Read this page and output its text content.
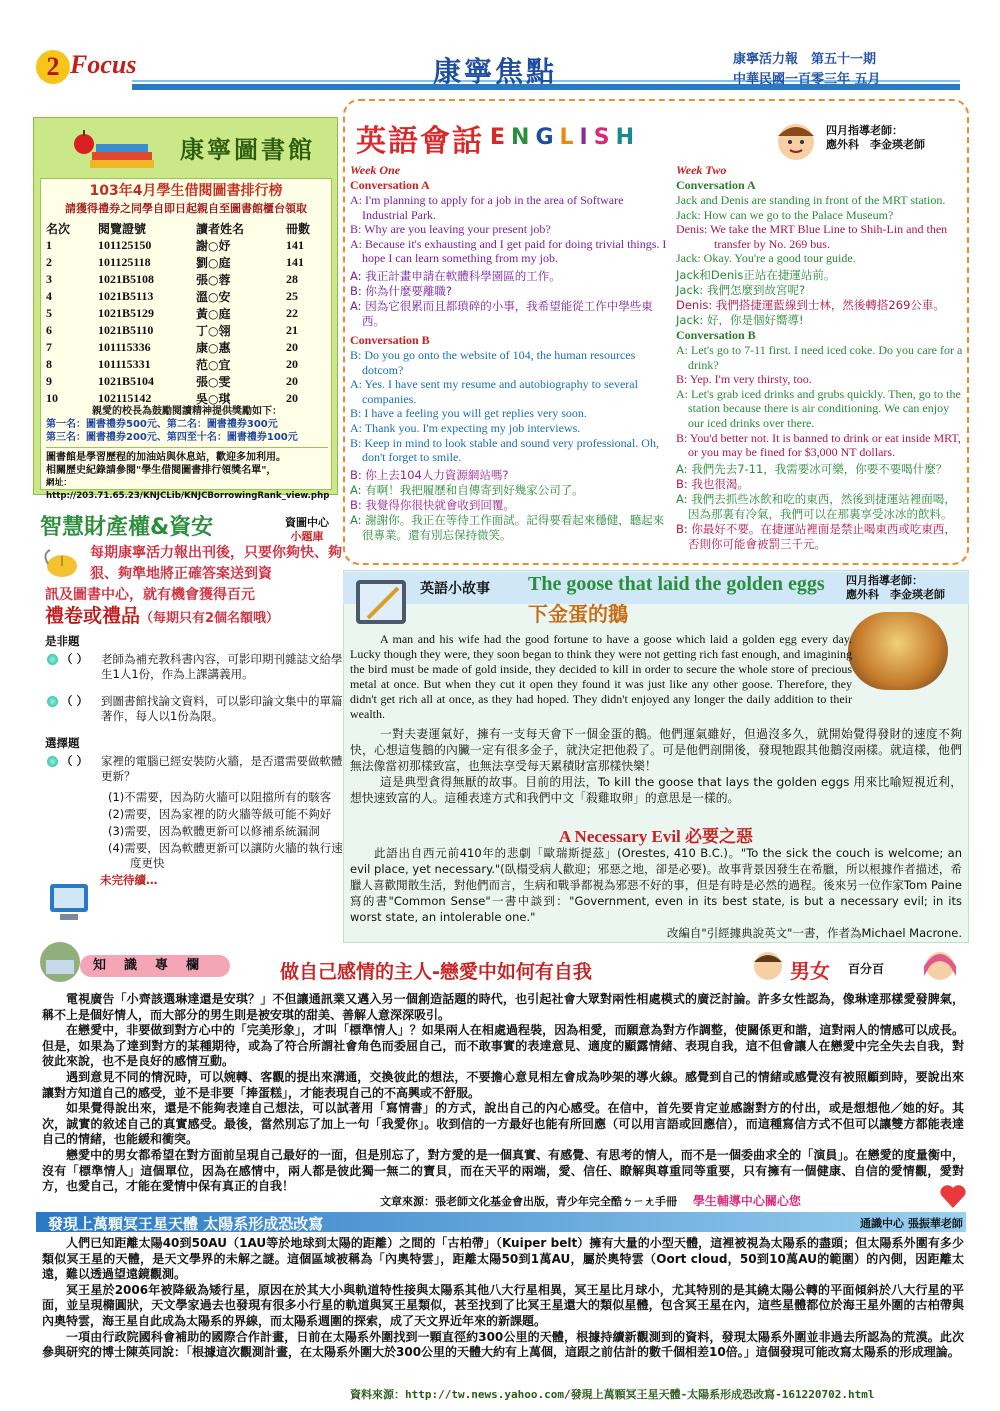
2 Focus	康寧焦點	康寧活力報　 第五十一期
中華民國一百零三年 五月
康寧圖書館
103年4月學生借閱圖書排行榜
請獲得禮券之同學自即日起親自至圖書館櫃台領取
名次	閱覽證號	讀者姓名	冊數
1	101125150	謝○妤	141
2	101125118	劉○庭	141
3	1021B5108	張○蓉	28
4	1021B5113	溫○安	25
5	1021B5129	黃○庭	22
6	1021B5110	丁○翎	21
7	101115336	康○惠	20
8	101115331	范○宜	20
9	1021B5104	張○雯	20
10	102115142	吳○琪	20
親愛的校長為鼓勵閱讀精神提供獎勵如下：
第一名：圖書禮券500元、第二名：圖書禮券300元
第三名：圖書禮券200元、第四至十名：圖書禮券100元
圖書館是學習歷程的加油站與休息站，歡迎多加利用。
相關歷史紀錄請參閱"學生借閱圖書排行領獎名單"，
網址：http://203.71.65.23/KNJCLib/KNJCBorrowingRank_view.php
智慧財產權&資安	資圖中心
小題庫
每期康寧活力報出刊後，只要你夠快、夠狠、夠準地將正確答案送到資
訊及圖書中心，就有機會獲得百元
禮卷或禮品（每期只有2個名額哦）
是非題
（ ） 老師為補充教科書內容，可影印期刊雜誌文給學生1人1份，作為上課講義用。
（ ） 到圖書館找論文資料，可以影印論文集中的單篇著作，每人以1份為限。
選擇題
（ ） 家裡的電腦已經安裝防火牆，是否還需要做軟體更新？
(1)不需要，因為防火牆可以阻擋所有的駭客
(2)需要，因為家裡的防火牆等級可能不夠好
(3)需要，因為軟體更新可以修補系統漏洞
(4)需要，因為軟體更新可以讓防火牆的執行速度更快
未完待續…
英語會話 ENGLISH	四月指導老師：
應外科　李金瑛老師
Week One
Conversation A
A: I'm planning to apply for a job in the area of Software Industrial Park.
B: Why are you leaving your present job?
A: Because it's exhausting and I get paid for doing trivial things. I hope I can learn something from my job.
A: 我正計畫申請在軟體科學園區的工作。
B: 你為什麼要離職?
A: 因為它很累而且都瑣碎的小事，我希望能從工作中學些東西。
Conversation B
B: Do you go onto the website of 104, the human resources dotcom?
A: Yes. I have sent my resume and autobiography to several companies.
B: I have a feeling you will get replies very soon.
A: Thank you. I'm expecting my job interviews.
B: Keep in mind to look stable and sound very professional. Oh, don't forget to smile.
B: 你上去104人力資源網站嗎?
A: 有啊！我把履歷和自傳寄到好幾家公司了。
B: 我覺得你很快就會收到回覆。
A: 謝謝你。我正在等待工作面試。記得要看起來穩健，聽起來很專業。還有別忘保持微笑。
Week Two
Conversation A
Jack and Denis are standing in front of the MRT station.
Jack: How can we go to the Palace Museum?
Denis: We take the MRT Blue Line to Shih-Lin and then transfer by No. 269 bus.
Jack: Okay. You're a good tour guide.
Jack和Denis正站在捷運站前。
Jack: 我們怎麼到故宮呢?
Denis: 我們搭捷運藍線到士林，然後轉搭269公車。
Jack: 好，你是個好嚮導!
Conversation B
A: Let's go to 7-11 first. I need iced coke. Do you care for a drink?
B: Yep. I'm very thirsty, too.
A: Let's grab iced drinks and grubs quickly. Then, go to the station because there is air conditioning. We can enjoy our iced drinks over there.
B: You'd better not. It is banned to drink or eat inside MRT, or you may be fined for $3,000 NT dollars.
A: 我們先去7-11，我需要冰可樂，你要不要喝什麼？
B: 我也很渴。
A: 我們去抓些冰飲和吃的東西，然後到捷運站裡面喝，因為那裏有冷氣，我們可以在那裏享受冰冰的飲料。
B: 你最好不要。在捷運站裡面是禁止喝東西或吃東西，否則你可能會被罰三千元。
英語小故事 The goose that laid the golden eggs
下金蛋的鵝
四月指導老師：
應外科　李金瑛老師

A man and his wife had the good fortune to have a goose which laid a golden egg every day. Lucky though they were, they soon began to think they were not getting rich fast enough, and imagining the bird must be made of gold inside, they decided to kill in order to secure the whole store of precious metal at once. But when they cut it open they found it was just like any other goose. Therefore, they didn't get rich all at once, as they had hoped. They didn't enjoyed any longer the daily addition to their wealth.

一對夫妻運氣好，擁有一支每天會下一個金蛋的鵝。他們運氣雖好，但過沒多久，就開始覺得發財的速度不夠快，心想這隻鵝的內臟一定有很多金子，就決定把他殺了。可是他們剖開後，發現牠跟其他鵝沒兩樣。就這樣，他們無法像當初那樣致富，也無法享受每天累積財富那樣快樂！

這是典型貪得無厭的故事。目前的用法，To kill the goose that lays the golden eggs 用來比喻短視近利，想快速致富的人。這種表達方式和我們中文「殺雞取卵」的意思是一樣的。

A Necessary Evil 必要之惡

此語出自西元前410年的悲劇「歐瑞斯提茲」(Orestes, 410 B.C.)。"To the sick the couch is welcome; an evil place, yet necessary."(臥榻受病人歡迎；邪惡之地，卻是必要)。故事背景因發生在希臘，所以根據作者描述，希臘人喜歡閒散生活，對他們而言，生病和戰爭都視為邪惡不好的事，但是有時是必然的過程。後來另一位作家Tom Paine寫的書"Common Sense"一書中談到："Government, even in its best state, is but a necessary evil; in its worst state, an intolerable one."

改編自"引經據典說英文"一書，作者為Michael Macrone.

知識專欄	做自己感情的主人-戀愛中如何有自我	男女 百分百

電視廣告「小齊該選琳達還是安琪？」不但讓通訊業又邁入另一個創造話題的時代，也引起社會大眾對兩性相處模式的廣泛討論。許多女性認為，像琳達那樣愛發脾氣，稱不上是個好情人，而大部分的男生則是被安琪的甜美、善解人意深深吸引。

在戀愛中，非要做到對方心中的「完美形象」，才叫「標準情人」？如果兩人在相處過程裝，因為相愛，而願意為對方作調整，使關係更和諧，這對兩人的情感可以成長。但是，如果為了達到對方的某種期待，或為了符合所謂社會角色而委屈自己，而不敢事實的表達意見、適度的顯露情緒、表現自我，這不但會讓人在戀愛中完全失去自我，對彼此來說，也不是良好的感情互動。

遇到意見不同的情況時，可以婉轉、客觀的提出來溝通，交換彼此的想法，不要擔心意見相左會成為吵架的導火線。感覺到自己的情緒或感覺沒有被照顧到時，要說出來讓對方知道自己的感受，並不是非要「捧蛋糕」，才能表現自己的不高興或不舒服。

如果覺得說出來，還是不能夠表達自己想法，可以試著用「寫情書」的方式，說出自己的內心感受。在信中，首先要肯定並感謝對方的付出，或是想想他／她的好。其次，誠實的敘述自己的真實感受。最後，當然別忘了加上一句「我愛你」。收到信的一方最好也能有所回應（可以用言語或回應信），而這種寫信方式不但可以讓雙方都能表達自己的情緒，也能緩和衝突。

戀愛中的男女都希望在對方面前呈現自己最好的一面，但是別忘了，對方愛的是一個真實、有感覺、有思考的情人，而不是一個委曲求全的「演員」。在戀愛的度量衡中，沒有「標準情人」這個單位，因為在感情中，兩人都是彼此獨一無二的寶貝，而在天平的兩端，愛、信任、瞭解與尊重同等重要，只有擁有一個健康、自信的愛情觀，愛對方，也愛自己，才能在愛情中保有真正的自我！

文章來源：張老師文化基金會出版，青少年完全酷ㄅㄧㄤ手冊 學生輔導中心關心您
發現上萬顆冥王星天體 太陽系形成恐改寫	通識中心 張振華老師

人們已知距離太陽40到50AU（1AU等於地球到太陽的距離）之間的「古柏帶」（Kuiper belt）擁有大量的小型天體，這裡被視為太陽系的盡頭；但太陽系外圍有多少類似冥王星的天體，是天文學界的未解之謎。這個區域被稱為「內奧特雲」，距離太陽50到1萬AU，屬於奧特雲（Oort cloud，50到10萬AU的範圍）的內側，因距離太遠，難以透過望遠鏡觀測。

冥王星於2006年被降級為矮行星，原因在於其大小與軌道特性接與太陽系其他八大行星相異，冥王星比月球小，尤其特別的是其繞太陽公轉的平面傾斜於八大行星的平面，並呈現橢圓狀，天文學家過去也發現有很多小行星的軌道與冥王星類似，甚至找到了比冥王星還大的類似星體，包含冥王星在內，這些星體都位於海王星外圍的古柏帶與內奧特雲，海王星自此成為太陽系的界線，而太陽系週圍的探索，成了天文界近年來的新課題。

一項由行政院國科會補助的國際合作計畫，日前在太陽系外圍找到一顆直徑約300公里的天體，根據持續新觀測到的資料，發現太陽系外圍並非過去所認為的荒漠。此次參與研究的博士陳英同說：「根據這次觀測計畫，在太陽系外圍大於300公里的天體大約有上萬個，這跟之前估計的數千個相差10倍。」這個發現可能改寫太陽系的形成理論。

資料來源：http://tw.news.yahoo.com/發現上萬顆冥王星天體-太陽系形成恐改寫-161220702.html
